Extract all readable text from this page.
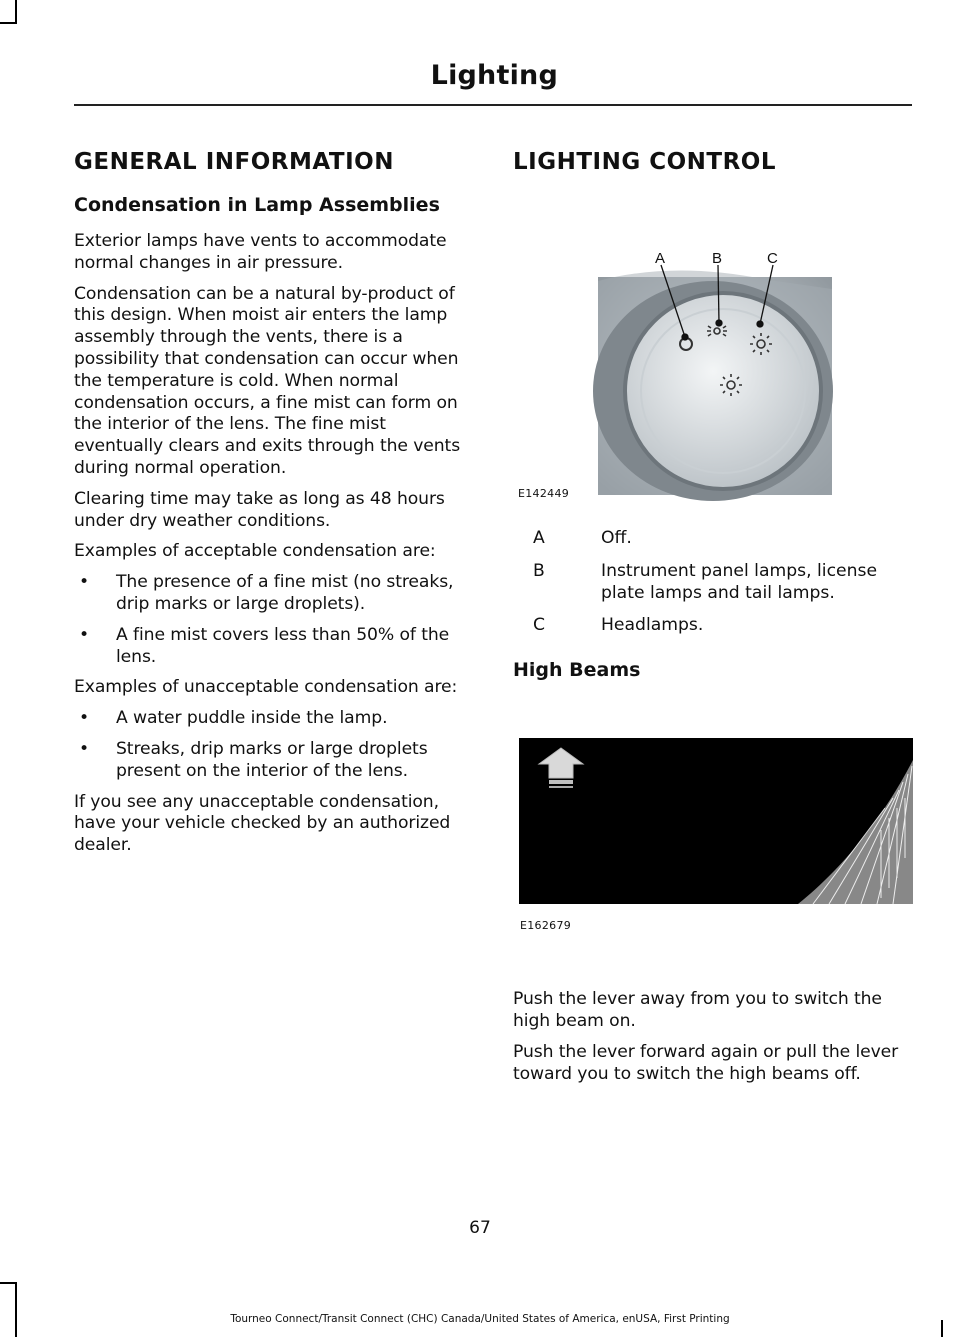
Lighting
GENERAL INFORMATION
Condensation in Lamp Assemblies

Exterior lamps have vents to accommodate normal changes in air pressure.

Condensation can be a natural by-product of this design. When moist air enters the lamp assembly through the vents, there is a possibility that condensation can occur when the temperature is cold. When normal condensation occurs, a fine mist can form on the interior of the lens. The fine mist eventually clears and exits through the vents during normal operation.

Clearing time may take as long as 48 hours under dry weather conditions.

Examples of acceptable condensation are:

• The presence of a fine mist (no streaks, drip marks or large droplets).
• A fine mist covers less than 50% of the lens.

Examples of unacceptable condensation are:

• A water puddle inside the lamp.
• Streaks, drip marks or large droplets present on the interior of the lens.

If you see any unacceptable condensation, have your vehicle checked by an authorized dealer.

LIGHTING CONTROL
A	B	C
E142449
A	Off.
B	Instrument panel lamps, license plate lamps and tail lamps.
C	Headlamps.
High Beams
E162679

Push the lever away from you to switch the high beam on.

Push the lever forward again or pull the lever toward you to switch the high beams off.

67
Tourneo Connect/Transit Connect (CHC) Canada/United States of America, enUSA, First Printing
